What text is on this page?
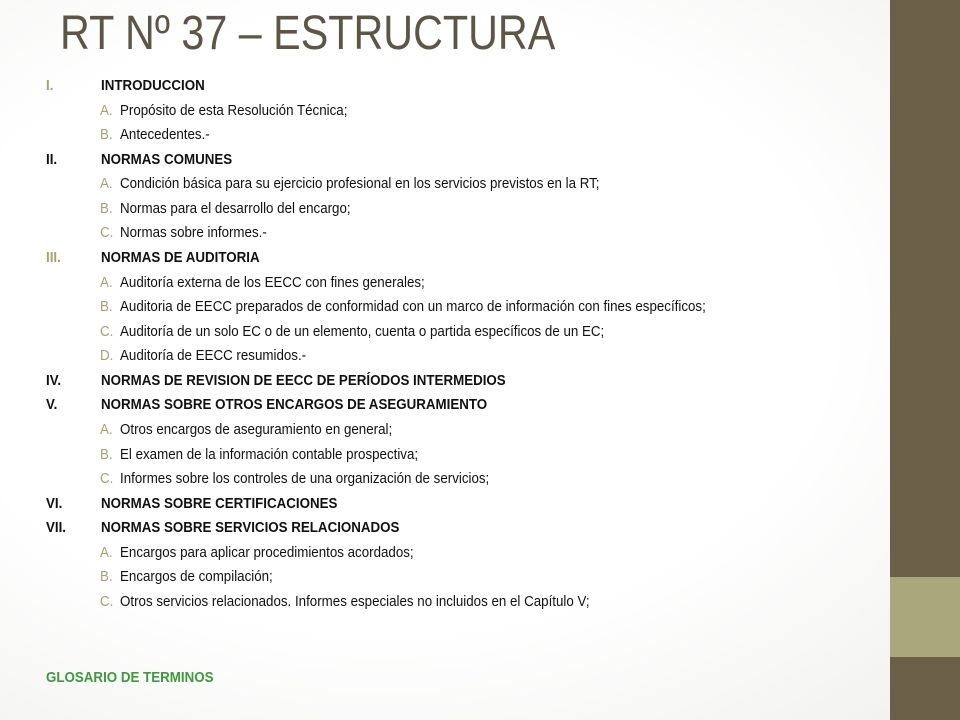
RT Nº 37 – ESTRUCTURA
I.	INTRODUCCION
A. Propósito de esta Resolución Técnica;
B. Antecedentes.-
II.	NORMAS COMUNES
A. Condición básica para su ejercicio profesional en los servicios previstos en la RT;
B. Normas para el desarrollo del encargo;
C. Normas sobre informes.-
III.	NORMAS DE AUDITORIA
A. Auditoría externa de los EECC con fines generales;
B. Auditoria de EECC preparados de conformidad con un marco de información con fines específicos;
C. Auditoría de un solo EC o de un elemento, cuenta o partida específicos de un EC;
D. Auditoría de EECC resumidos.-
IV.	NORMAS DE REVISION DE EECC DE PERÍODOS INTERMEDIOS
V.	NORMAS SOBRE OTROS ENCARGOS DE ASEGURAMIENTO
A. Otros encargos de aseguramiento en general;
B. El examen de la información contable prospectiva;
C. Informes sobre los controles de una organización de servicios;
VI.	NORMAS SOBRE CERTIFICACIONES
VII. NORMAS SOBRE SERVICIOS RELACIONADOS
A. Encargos para aplicar procedimientos acordados;
B. Encargos de compilación;
C. Otros servicios relacionados. Informes especiales no incluidos en el Capítulo V;
GLOSARIO DE TERMINOS
